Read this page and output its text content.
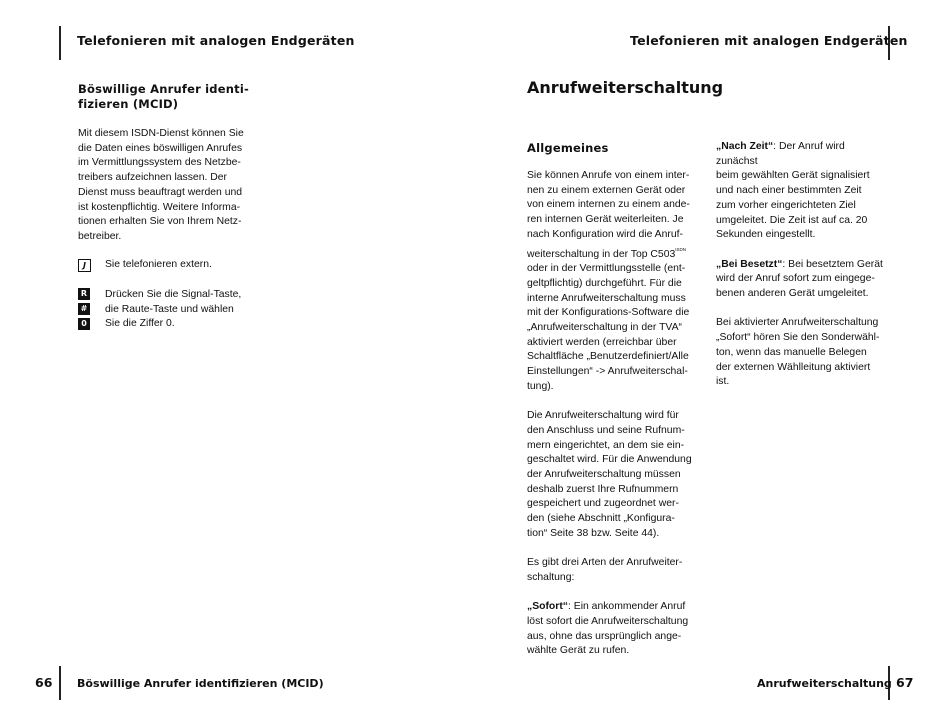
Telefonieren mit analogen Endgeräten
Böswillige Anrufer identi-
fizieren (MCID)
Mit diesem ISDN-Dienst können Sie
die Daten eines böswilligen Anrufes
im Vermittlungssystem des Netzbe-
treibers aufzeichnen lassen. Der
Dienst muss beauftragt werden und
ist kostenpflichtig. Weitere Informa-
tionen erhalten Sie von Ihrem Netz-
betreiber.
J	Sie telefonieren extern.
R
#
0
Drücken Sie die Signal-Taste,
die Raute-Taste und wählen
Sie die Ziffer 0.
66 Böswillige Anrufer identifizieren (MCID)
Telefonieren mit analogen Endgeräten
Anrufweiterschaltung
Allgemeines

Sie können Anrufe von einem inter-
nen zu einem externen Gerät oder
von einem internen zu einem ande-
ren internen Gerät weiterleiten. Je
nach Konfiguration wird die Anruf-
weiterschaltung in der Top $C503^{ISDN}$
oder in der Vermittlungsstelle (ent-
geltpflichtig) durchgeführt. Für die
interne Anrufweiterschaltung muss
mit der Konfigurations-Software die
„Anrufweiterschaltung in der TVA“
aktiviert werden (erreichbar über
Schaltfläche „Benutzerdefiniert/Alle
Einstellungen“ -> Anrufweiterschal-
tung).

Die Anrufweiterschaltung wird für
den Anschluss und seine Rufnum-
mern eingerichtet, an dem sie ein-
geschaltet wird. Für die Anwendung
der Anrufweiterschaltung müssen
deshalb zuerst Ihre Rufnummern
gespeichert und zugeordnet wer-
den (siehe Abschnitt „Konfigura-
tion“ Seite 38 bzw. Seite 44).

Es gibt drei Arten der Anrufweiter-
schaltung:

„Sofort“: Ein ankommender Anruf
löst sofort die Anrufweiterschaltung
aus, ohne das ursprünglich ange-
wählte Gerät zu rufen.

„Nach Zeit“: Der Anruf wird zunächst
beim gewählten Gerät signalisiert
und nach einer bestimmten Zeit
zum vorher eingerichteten Ziel
umgeleitet. Die Zeit ist auf ca. 20
Sekunden eingestellt.

„Bei Besetzt“: Bei besetztem Gerät
wird der Anruf sofort zum eingege-
benen anderen Gerät umgeleitet.

Bei aktivierter Anrufweiterschaltung
„Sofort“ hören Sie den Sonderwähl-
ton, wenn das manuelle Belegen
der externen Wählleitung aktiviert
ist.

Anrufweiterschaltung 67
